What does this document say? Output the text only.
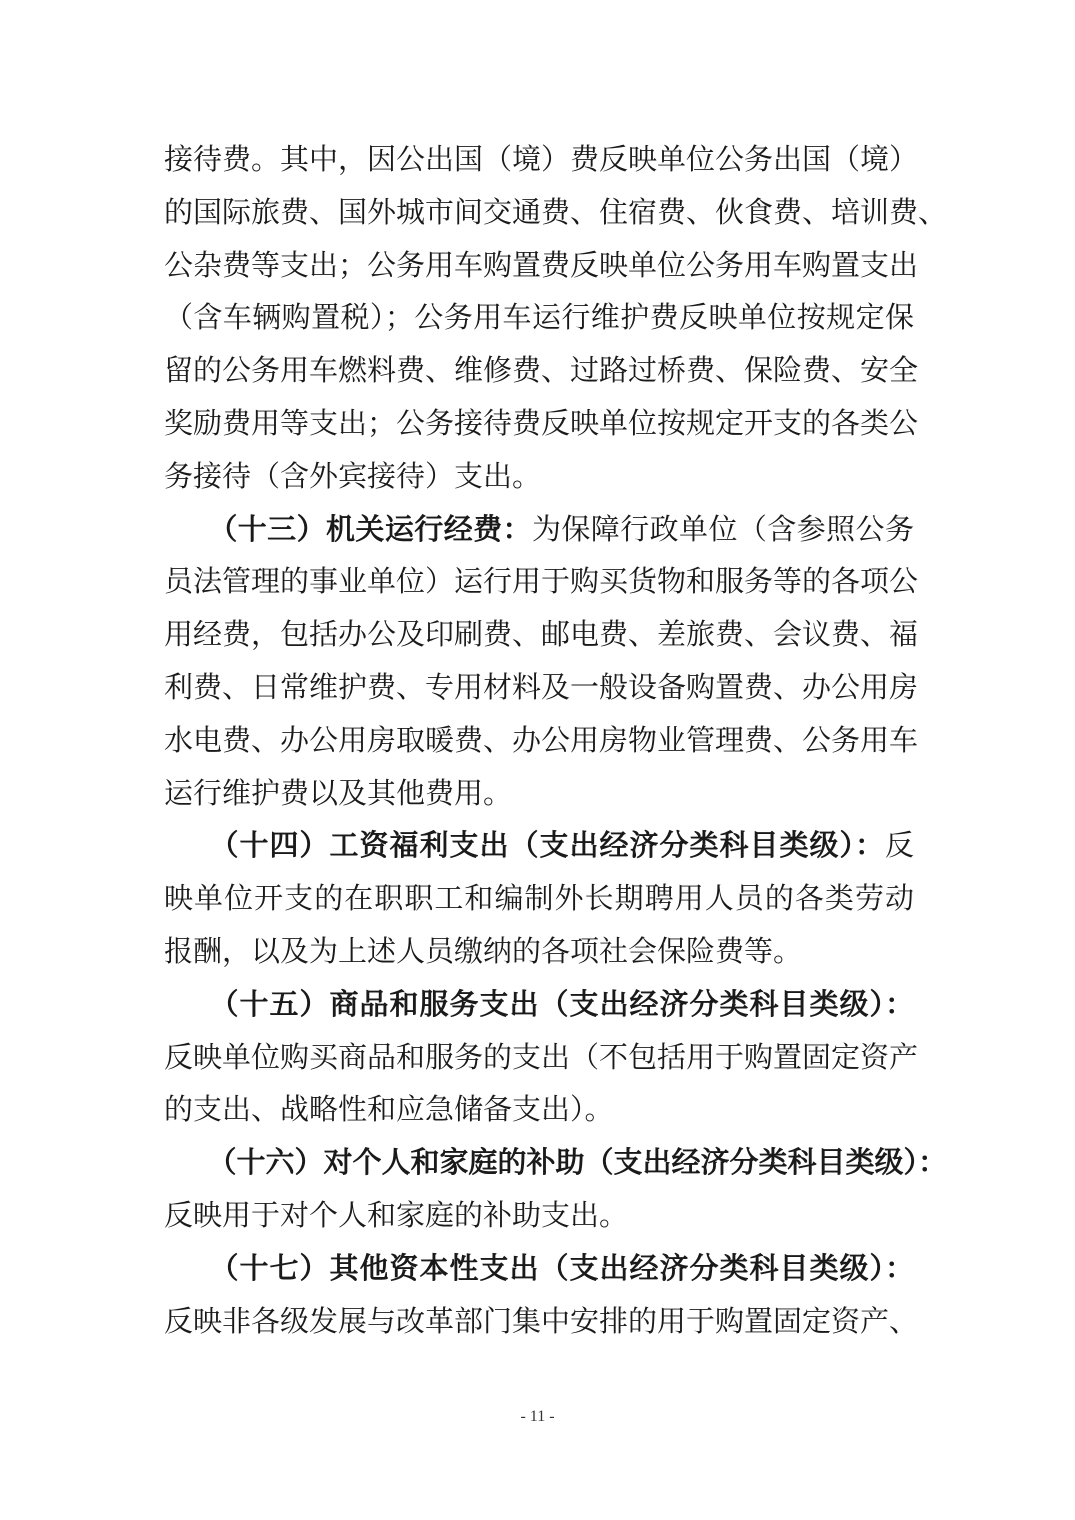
接待费。其中，因公出国（境）费反映单位公务出国（境）
的国际旅费、国外城市间交通费、住宿费、伙食费、培训费、
公杂费等支出；公务用车购置费反映单位公务用车购置支出
（含车辆购置税）；公务用车运行维护费反映单位按规定保
留的公务用车燃料费、维修费、过路过桥费、保险费、安全
奖励费用等支出；公务接待费反映单位按规定开支的各类公
务接待（含外宾接待）支出。
　　（十三）机关运行经费：为保障行政单位（含参照公务
员法管理的事业单位）运行用于购买货物和服务等的各项公
用经费，包括办公及印刷费、邮电费、差旅费、会议费、福
利费、日常维护费、专用材料及一般设备购置费、办公用房
水电费、办公用房取暖费、办公用房物业管理费、公务用车
运行维护费以及其他费用。
　　（十四）工资福利支出（支出经济分类科目类级）：反
映单位开支的在职职工和编制外长期聘用人员的各类劳动
报酬，以及为上述人员缴纳的各项社会保险费等。
　　（十五）商品和服务支出（支出经济分类科目类级）：
反映单位购买商品和服务的支出（不包括用于购置固定资产
的支出、战略性和应急储备支出）。
　　（十六）对个人和家庭的补助（支出经济分类科目类级）：
反映用于对个人和家庭的补助支出。
　　（十七）其他资本性支出（支出经济分类科目类级）：
反映非各级发展与改革部门集中安排的用于购置固定资产、
- 11 -
